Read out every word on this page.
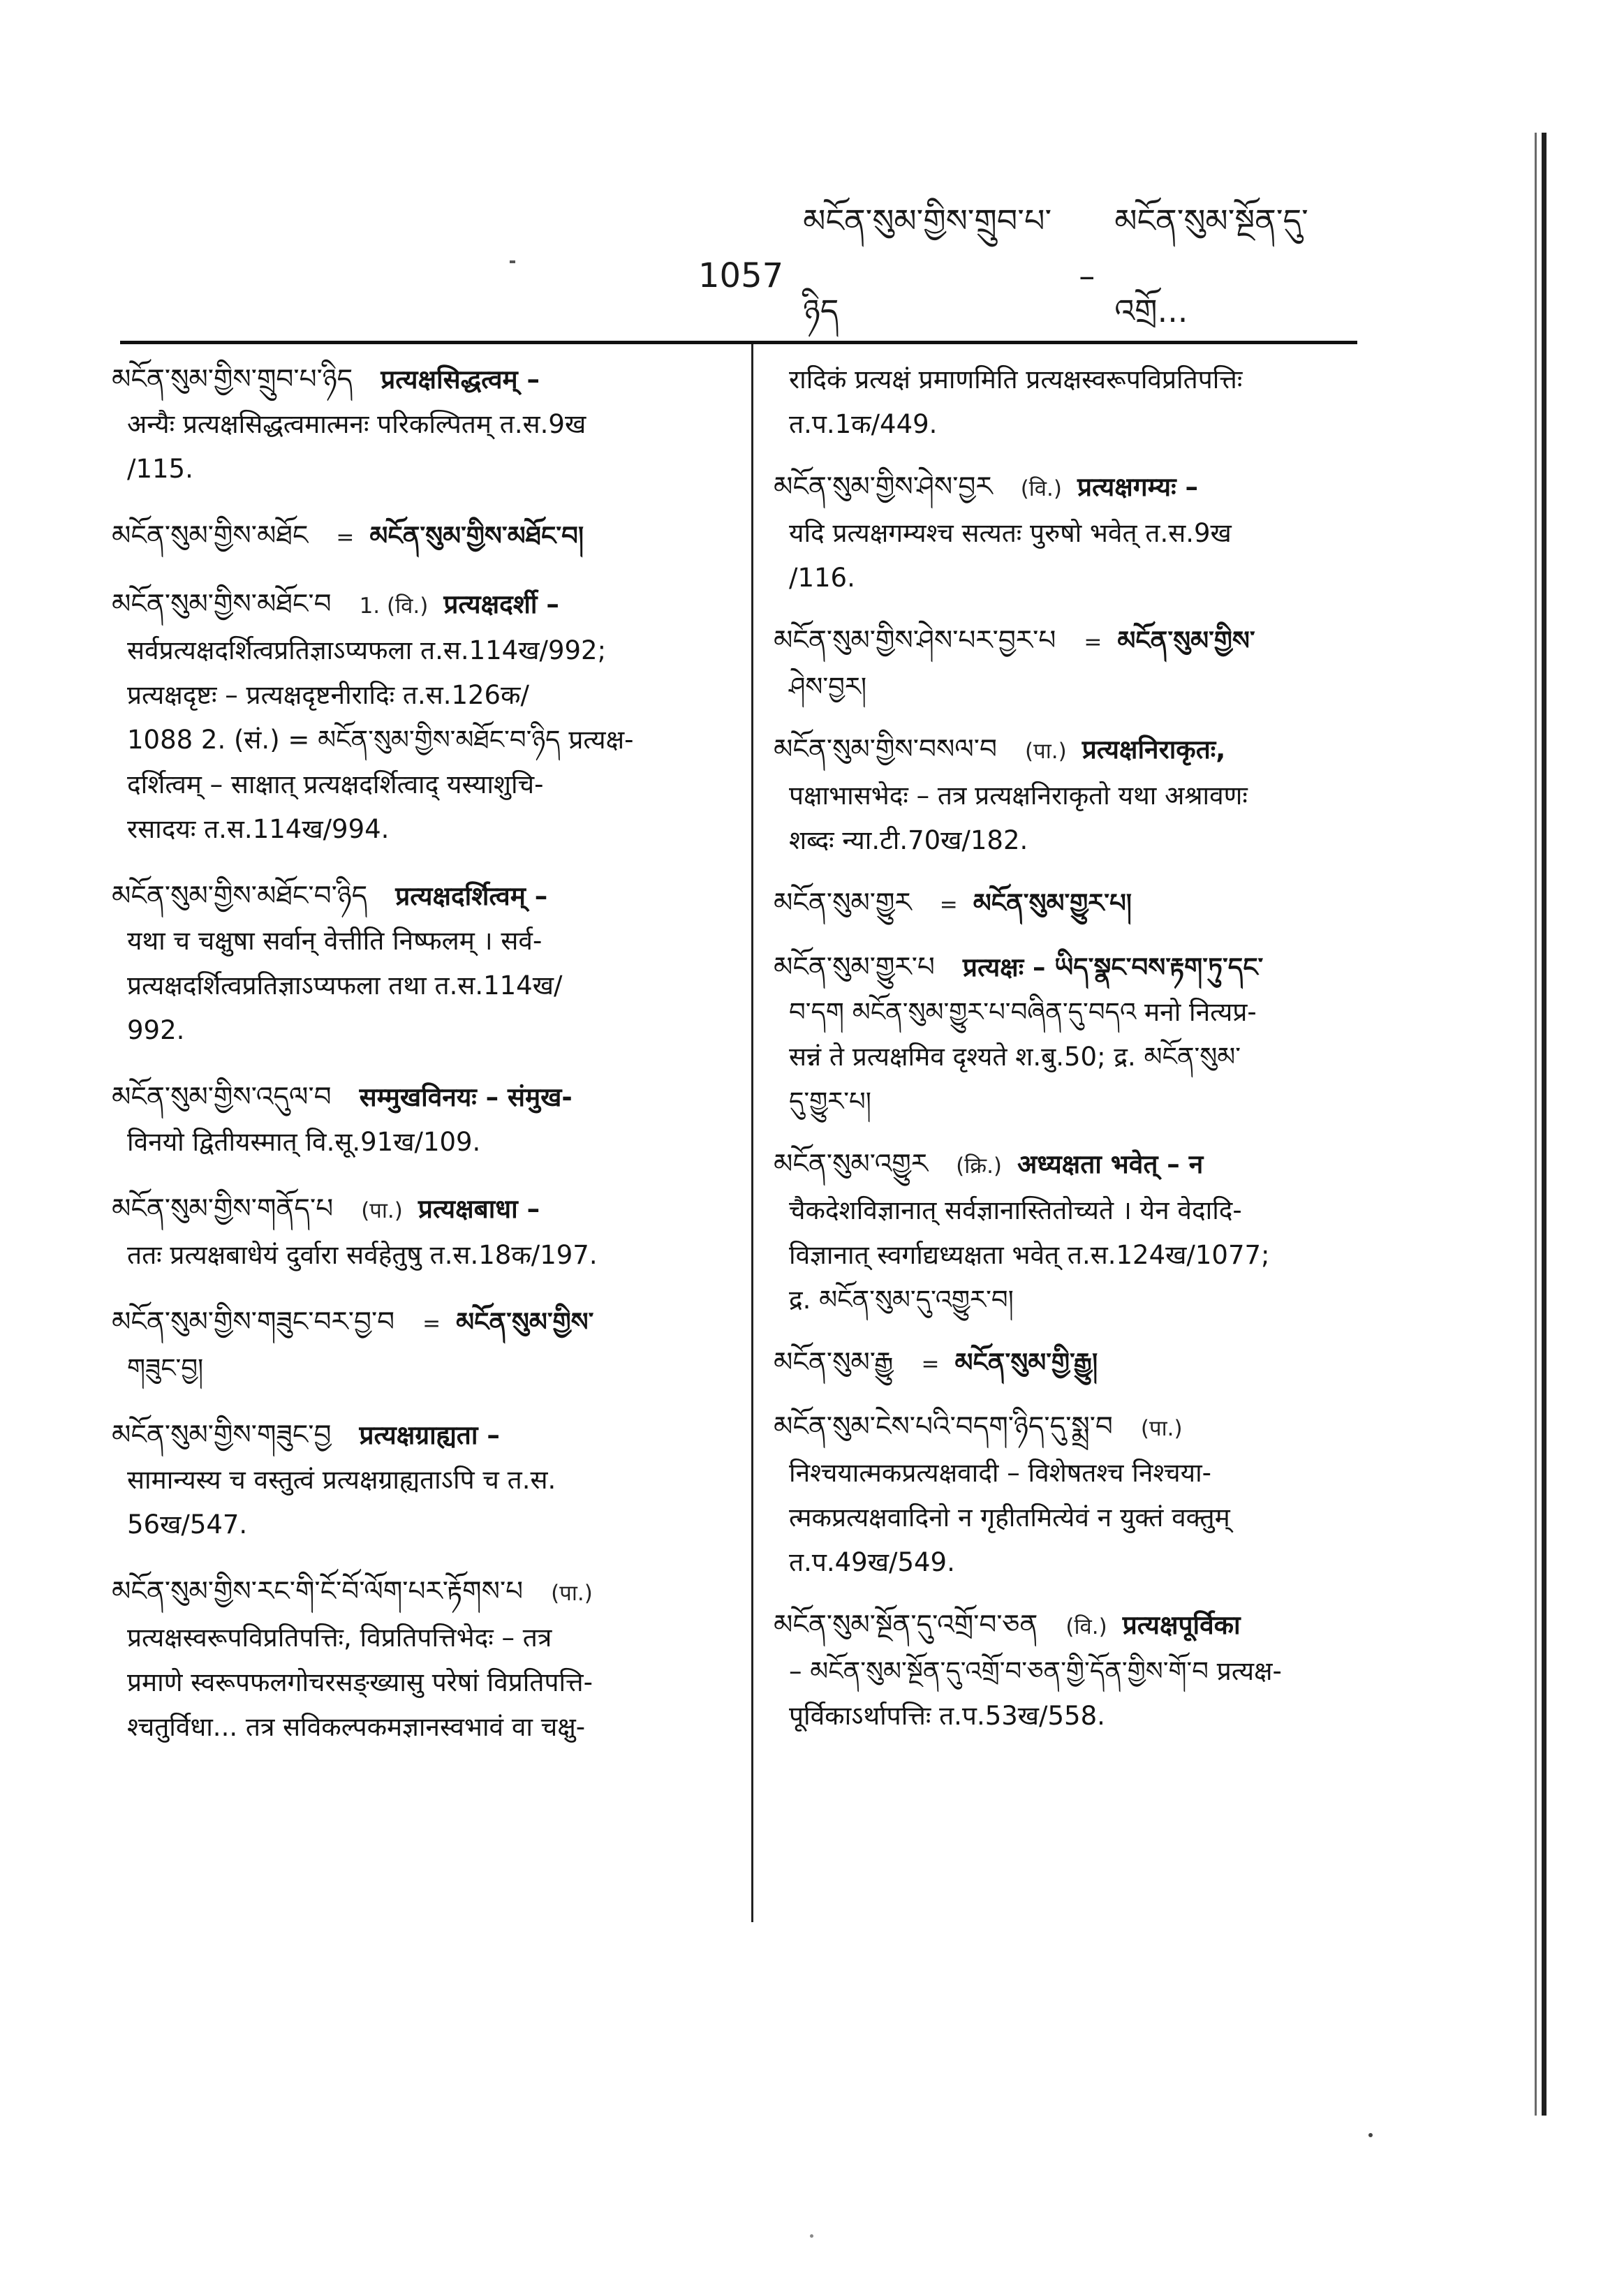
1057
མངོན་སུམ་གྱིས་གྲུབ་པ་ཉིད
–
མངོན་སུམ་སྔོན་དུ་འགྲོ...
མངོན་སུམ་གྱིས་གྲུབ་པ་ཉིད प्रत्यक्षसिद्धत्वम् –
अन्यैः प्रत्यक्षसिद्धत्वमात्मनः परिकल्पितम् त.स.9ख
/115.
མངོན་སུམ་གྱིས་མཐོང = མངོན་སུམ་གྱིས་མཐོང་བ།
མངོན་སུམ་གྱིས་མཐོང་བ 1. (वि.) प्रत्यक्षदर्शी –
सर्वप्रत्यक्षदर्शित्वप्रतिज्ञाऽप्यफला त.स.114ख/992;
प्रत्यक्षदृष्टः – प्रत्यक्षदृष्टनीरादिः त.स.126क/
1088 2. (सं.) = མངོན་སུམ་གྱིས་མཐོང་བ་ཉིད प्रत्यक्ष-
दर्शित्वम् – साक्षात् प्रत्यक्षदर्शित्वाद् यस्याशुचि-
रसादयः त.स.114ख/994.
མངོན་སུམ་གྱིས་མཐོང་བ་ཉིད प्रत्यक्षदर्शित्वम् –
यथा च चक्षुषा सर्वान् वेत्तीति निष्फलम् । सर्व-
प्रत्यक्षदर्शित्वप्रतिज्ञाऽप्यफला तथा त.स.114ख/
992.
མངོན་སུམ་གྱིས་འདུལ་བ सम्मुखविनयः – संमुख-
विनयो द्वितीयस्मात् वि.सू.91ख/109.
མངོན་སུམ་གྱིས་གནོད་པ (पा.) प्रत्यक्षबाधा –
ततः प्रत्यक्षबाधेयं दुर्वारा सर्वहेतुषु त.स.18क/197.
མངོན་སུམ་གྱིས་གཟུང་བར་བྱ་བ = མངོན་སུམ་གྱིས་
གཟུང་བྱ།
མངོན་སུམ་གྱིས་གཟུང་བྱ प्रत्यक्षग्राह्यता –
सामान्यस्य च वस्तुत्वं प्रत्यक्षग्राह्यताऽपि च त.स.
56ख/547.
མངོན་སུམ་གྱིས་རང་གི་ངོ་བོ་ལོག་པར་རྟོགས་པ (पा.)
प्रत्यक्षस्वरूपविप्रतिपत्तिः, विप्रतिपत्तिभेदः – तत्र
प्रमाणे स्वरूपफलगोचरसङ्ख्यासु परेषां विप्रतिपत्ति-
श्चतुर्विधा... तत्र सविकल्पकमज्ञानस्वभावं वा चक्षु-
रादिकं प्रत्यक्षं प्रमाणमिति प्रत्यक्षस्वरूपविप्रतिपत्तिः
त.प.1क/449.
མངོན་སུམ་གྱིས་ཤེས་བྱར (वि.) प्रत्यक्षगम्यः –
यदि प्रत्यक्षगम्यश्च सत्यतः पुरुषो भवेत् त.स.9ख
/116.
མངོན་སུམ་གྱིས་ཤེས་པར་བྱར་པ = མངོན་སུམ་གྱིས་
ཤེས་བྱར།
མངོན་སུམ་གྱིས་བསལ་བ (पा.) प्रत्यक्षनिराकृतः,
पक्षाभासभेदः – तत्र प्रत्यक्षनिराकृतो यथा अश्रावणः
शब्दः न्या.टी.70ख/182.
མངོན་སུམ་གྱུར = མངོན་སུམ་གྱུར་པ།
མངོན་སུམ་གྱུར་པ प्रत्यक्षः – ཡིད་སྣང་བས་རྟག་ཏུ་དང་
བ་དག མངོན་སུམ་གྱུར་པ་བཞིན་དུ་བདའ मनो नित्यप्र-
सन्नं ते प्रत्यक्षमिव दृश्यते श.बु.50; द्र. མངོན་སུམ་
དུ་གྱུར་པ།
མངོན་སུམ་འགྱུར (क्रि.) अध्यक्षता भवेत् – न
चैकदेशविज्ञानात् सर्वज्ञानास्तितोच्यते । येन वेदादि-
विज्ञानात् स्वर्गाद्यध्यक्षता भवेत् त.स.124ख/1077;
द्र. མངོན་སུམ་དུ་འགྱུར་བ།
མངོན་སུམ་རྒྱུ = མངོན་སུམ་གྱི་རྒྱུ།
མངོན་སུམ་ངེས་པའི་བདག་ཉིད་དུ་སྨྲ་བ (पा.)
निश्चयात्मकप्रत्यक्षवादी – विशेषतश्च निश्चया-
त्मकप्रत्यक्षवादिनो न गृहीतमित्येवं न युक्तं वक्तुम्
त.प.49ख/549.
མངོན་སུམ་སྔོན་དུ་འགྲོ་བ་ཅན (वि.) प्रत्यक्षपूर्विका
– མངོན་སུམ་སྔོན་དུ་འགྲོ་བ་ཅན་གྱི་དོན་གྱིས་གོ་བ प्रत्यक्ष-
पूर्विकाऽर्थापत्तिः त.प.53ख/558.
